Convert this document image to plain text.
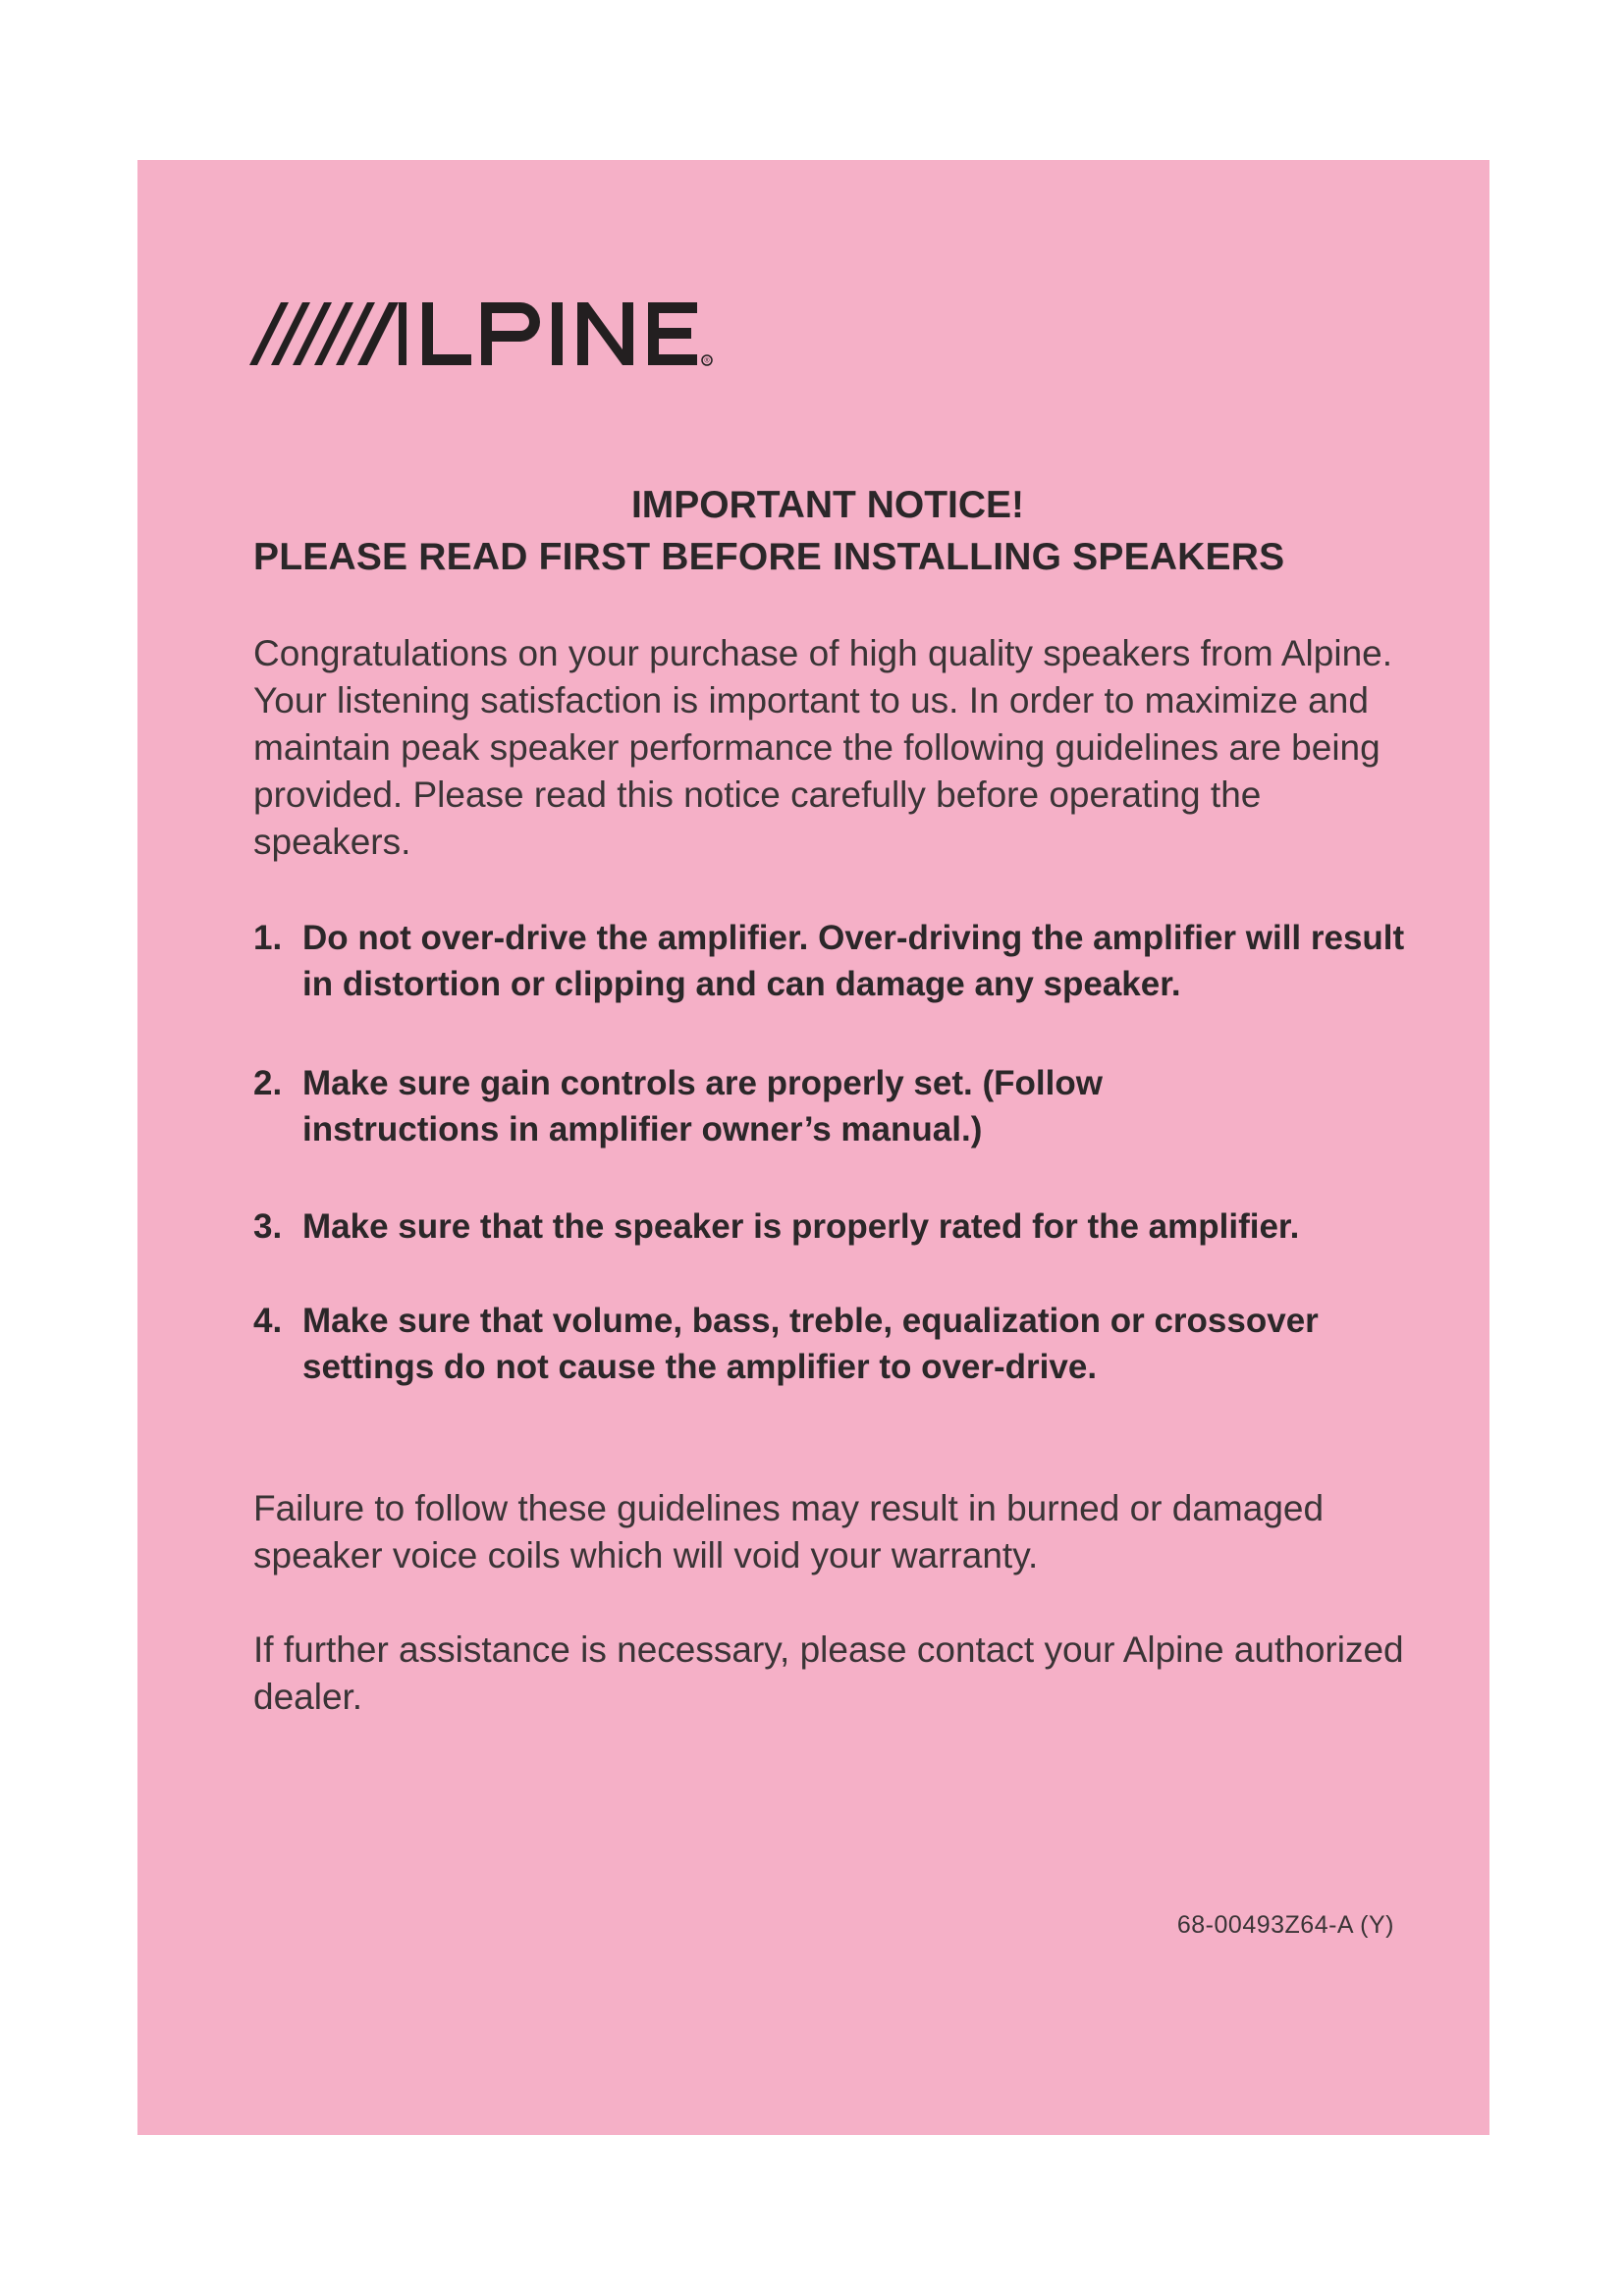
®
IMPORTANT NOTICE!
PLEASE READ FIRST BEFORE INSTALLING SPEAKERS
Congratulations on your purchase of high quality speakers from Alpine. Your listening satisfaction is important to us. In order to maximize and maintain peak speaker performance the following guidelines are being provided. Please read this notice carefully before operating the speakers.
1. Do not over-drive the amplifier. Over-driving the amplifier will result in distortion or clipping and can damage any speaker.
2. Make sure gain controls are properly set. (Follow instructions in amplifier owner’s manual.)
3. Make sure that the speaker is properly rated for the amplifier.
4. Make sure that volume, bass, treble, equalization or crossover settings do not cause the amplifier to over-drive.
Failure to follow these guidelines may result in burned or damaged speaker voice coils which will void your warranty.
If further assistance is necessary, please contact your Alpine authorized dealer.
68-00493Z64-A (Y)
